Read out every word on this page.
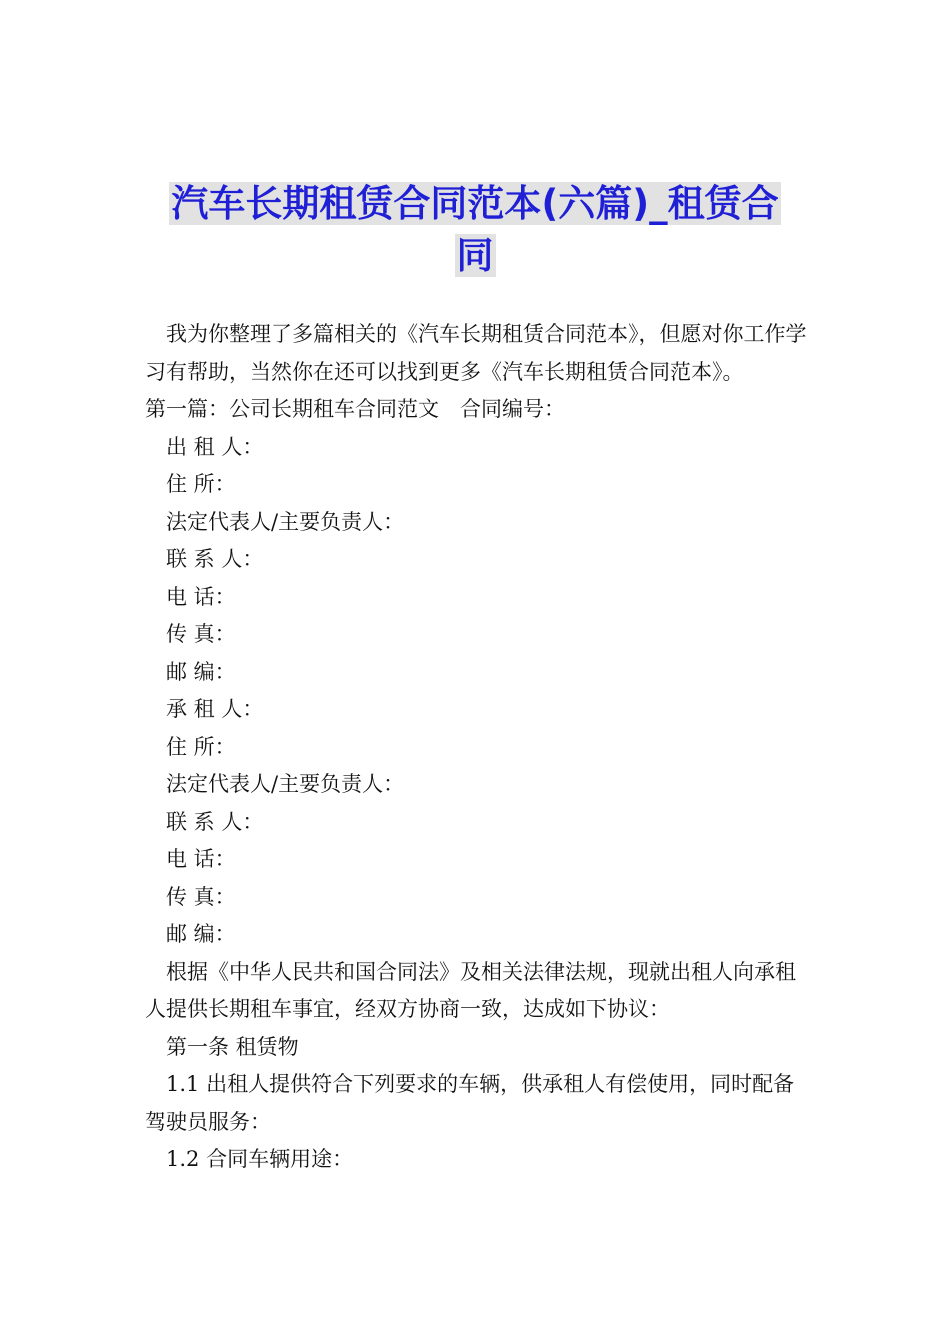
汽车长期租赁合同范本(六篇)_租赁合
同

我为你整理了多篇相关的《汽车长期租赁合同范本》，但愿对你工作学习有帮助，当然你在还可以找到更多《汽车长期租赁合同范本》。

第一篇：公司长期租车合同范文　合同编号：

出 租 人：

住 所：

法定代表人/主要负责人：

联 系 人：

电 话：

传 真：

邮 编：

承 租 人：

住 所：

法定代表人/主要负责人：

联 系 人：

电 话：

传 真：

邮 编：

根据《中华人民共和国合同法》及相关法律法规，现就出租人向承租人提供长期租车事宜，经双方协商一致，达成如下协议：

第一条 租赁物

1.1 出租人提供符合下列要求的车辆，供承租人有偿使用，同时配备驾驶员服务：

1.2 合同车辆用途：
